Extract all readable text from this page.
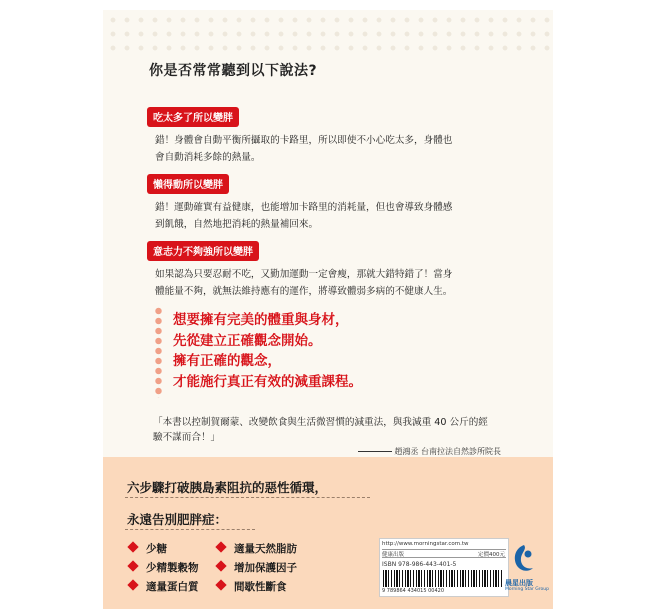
你是否常常聽到以下說法?
吃太多了所以變胖
錯！身體會自動平衡所攝取的卡路里，所以即使不小心吃太多，身體也
會自動消耗多餘的熱量。
懶得動所以變胖
錯！運動確實有益健康，也能增加卡路里的消耗量，但也會導致身體感
到飢餓，自然地把消耗的熱量補回來。
意志力不夠強所以變胖
如果認為只要忍耐不吃，又勤加運動一定會瘦，那就大錯特錯了！當身
體能量不夠，就無法維持應有的運作，將導致體弱多病的不健康人生。
想要擁有完美的體重與身材，
先從建立正確觀念開始。
擁有正確的觀念，
才能施行真正有效的減重課程。
「本書以控制賀爾蒙、改變飲食與生活微習慣的減重法，與我減重 40 公斤的經
驗不謀而合！」
趙鴻丞 台南拉法自然診所院長
六步驟打破胰島素阻抗的惡性循環，
永遠告別肥胖症：
少糖
少精製穀物
適量蛋白質
適量天然脂肪
增加保護因子
間歇性斷食
http://www.morningstar.com.tw
健康出版	定價400元
ISBN 978-986-443-401-5
9 789864 434015 00420
晨星出版
Morning Star Group
